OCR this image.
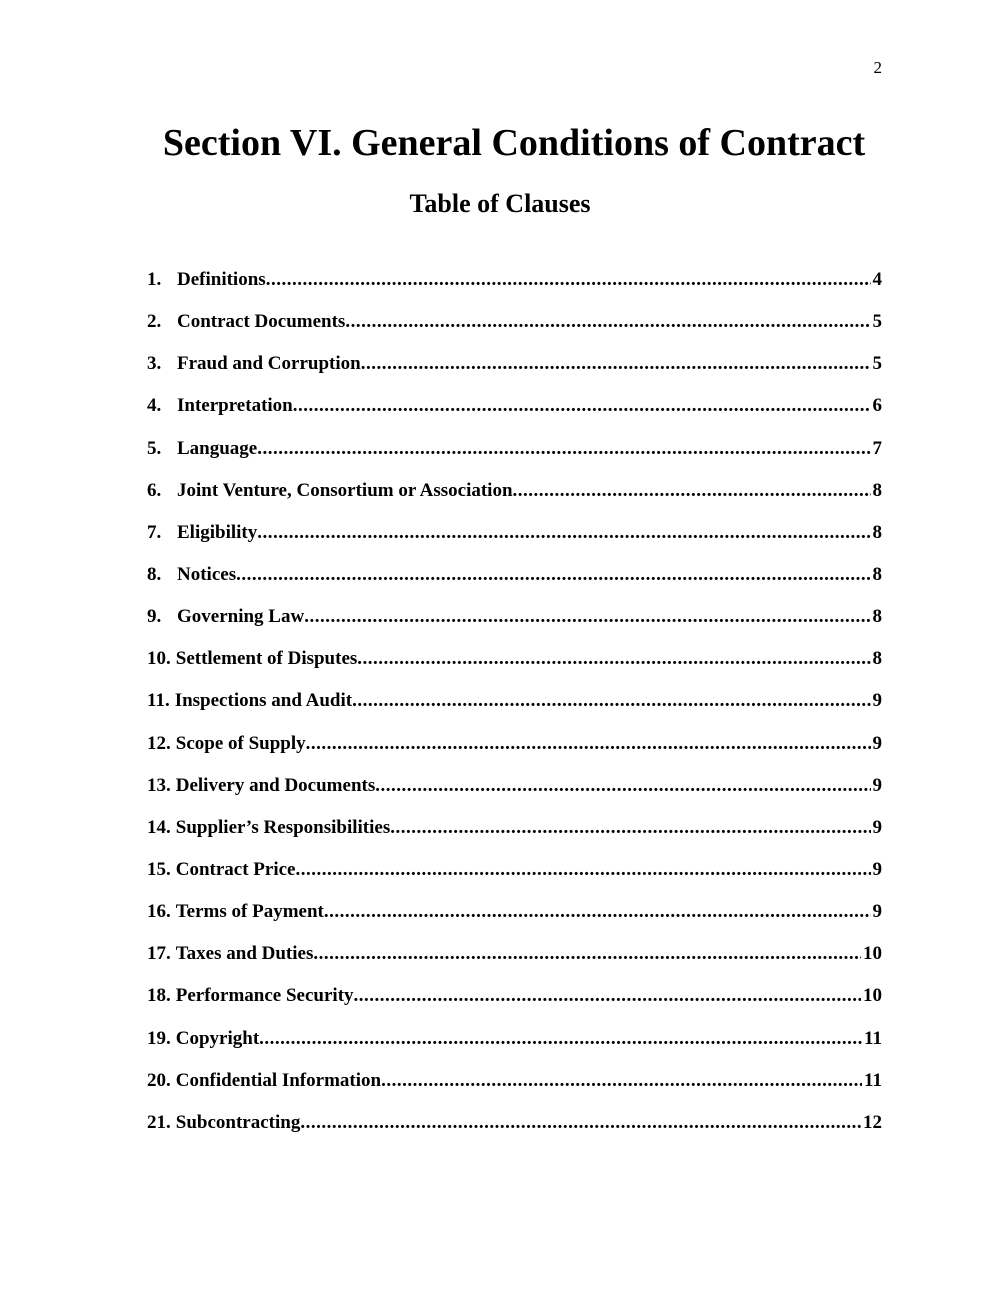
2
Section VI. General Conditions of Contract
Table of Clauses
1. Definitions .....	4
2. Contract Documents .....	5
3. Fraud and Corruption .....	5
4. Interpretation .....	6
5. Language .....	7
6. Joint Venture, Consortium or Association .....	8
7. Eligibility .....	8
8. Notices .....	8
9. Governing Law .....	8
10. Settlement of Disputes .....	8
11. Inspections and Audit .....	9
12. Scope of Supply .....	9
13. Delivery and Documents .....	9
14. Supplier’s Responsibilities .....	9
15. Contract Price .....	9
16. Terms of Payment .....	9
17. Taxes and Duties .....	10
18. Performance Security .....	10
19. Copyright .....	11
20. Confidential Information .....	11
21. Subcontracting .....	12
